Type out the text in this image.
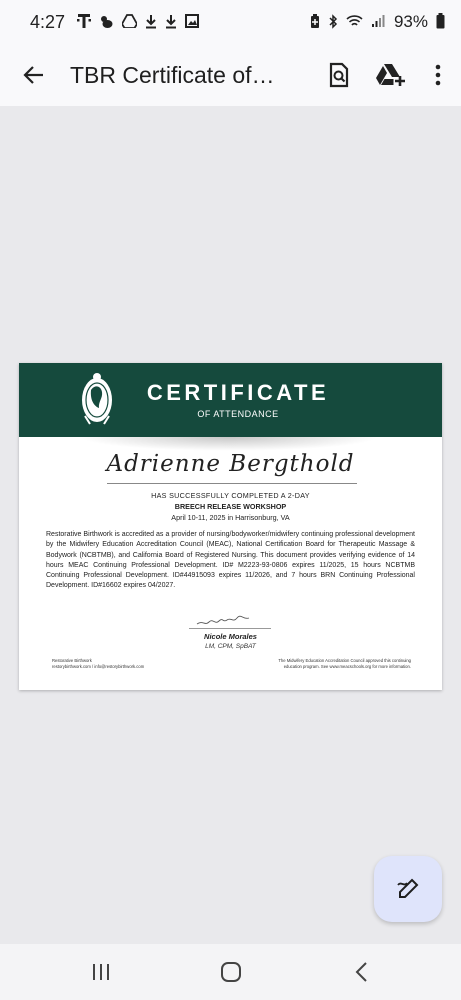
4:27	93%
TBR Certificate of…
CERTIFICATE
OF ATTENDANCE
Adrienne Bergthold
HAS SUCCESSFULLY COMPLETED A 2-DAY
BREECH RELEASE WORKSHOP
April 10-11, 2025 in Harrisonburg, VA
Restorative Birthwork is accredited as a provider of nursing/bodyworker/midwifery continuing professional development by the Midwifery Education Accreditation Council (MEAC), National Certification Board for Therapeutic Massage & Bodywork (NCBTMB), and California Board of Registered Nursing. This document provides verifying evidence of 14 hours MEAC Continuing Professional Development. ID# M2223-93-0806 expires 11/2025, 15 hours NCBTMB Continuing Professional Development. ID#44915093 expires 11/2026, and 7 hours BRN Continuing Professional Development. ID#16602 expires 04/2027.
Nicole Morales
LM, CPM, SpBAT
Restorative Birthwork
restorybirthwork.com / info@restorybirthwork.com
The Midwifery Education Accreditation Council approved this continuing
education program. See www.meacschools.org for more information.
